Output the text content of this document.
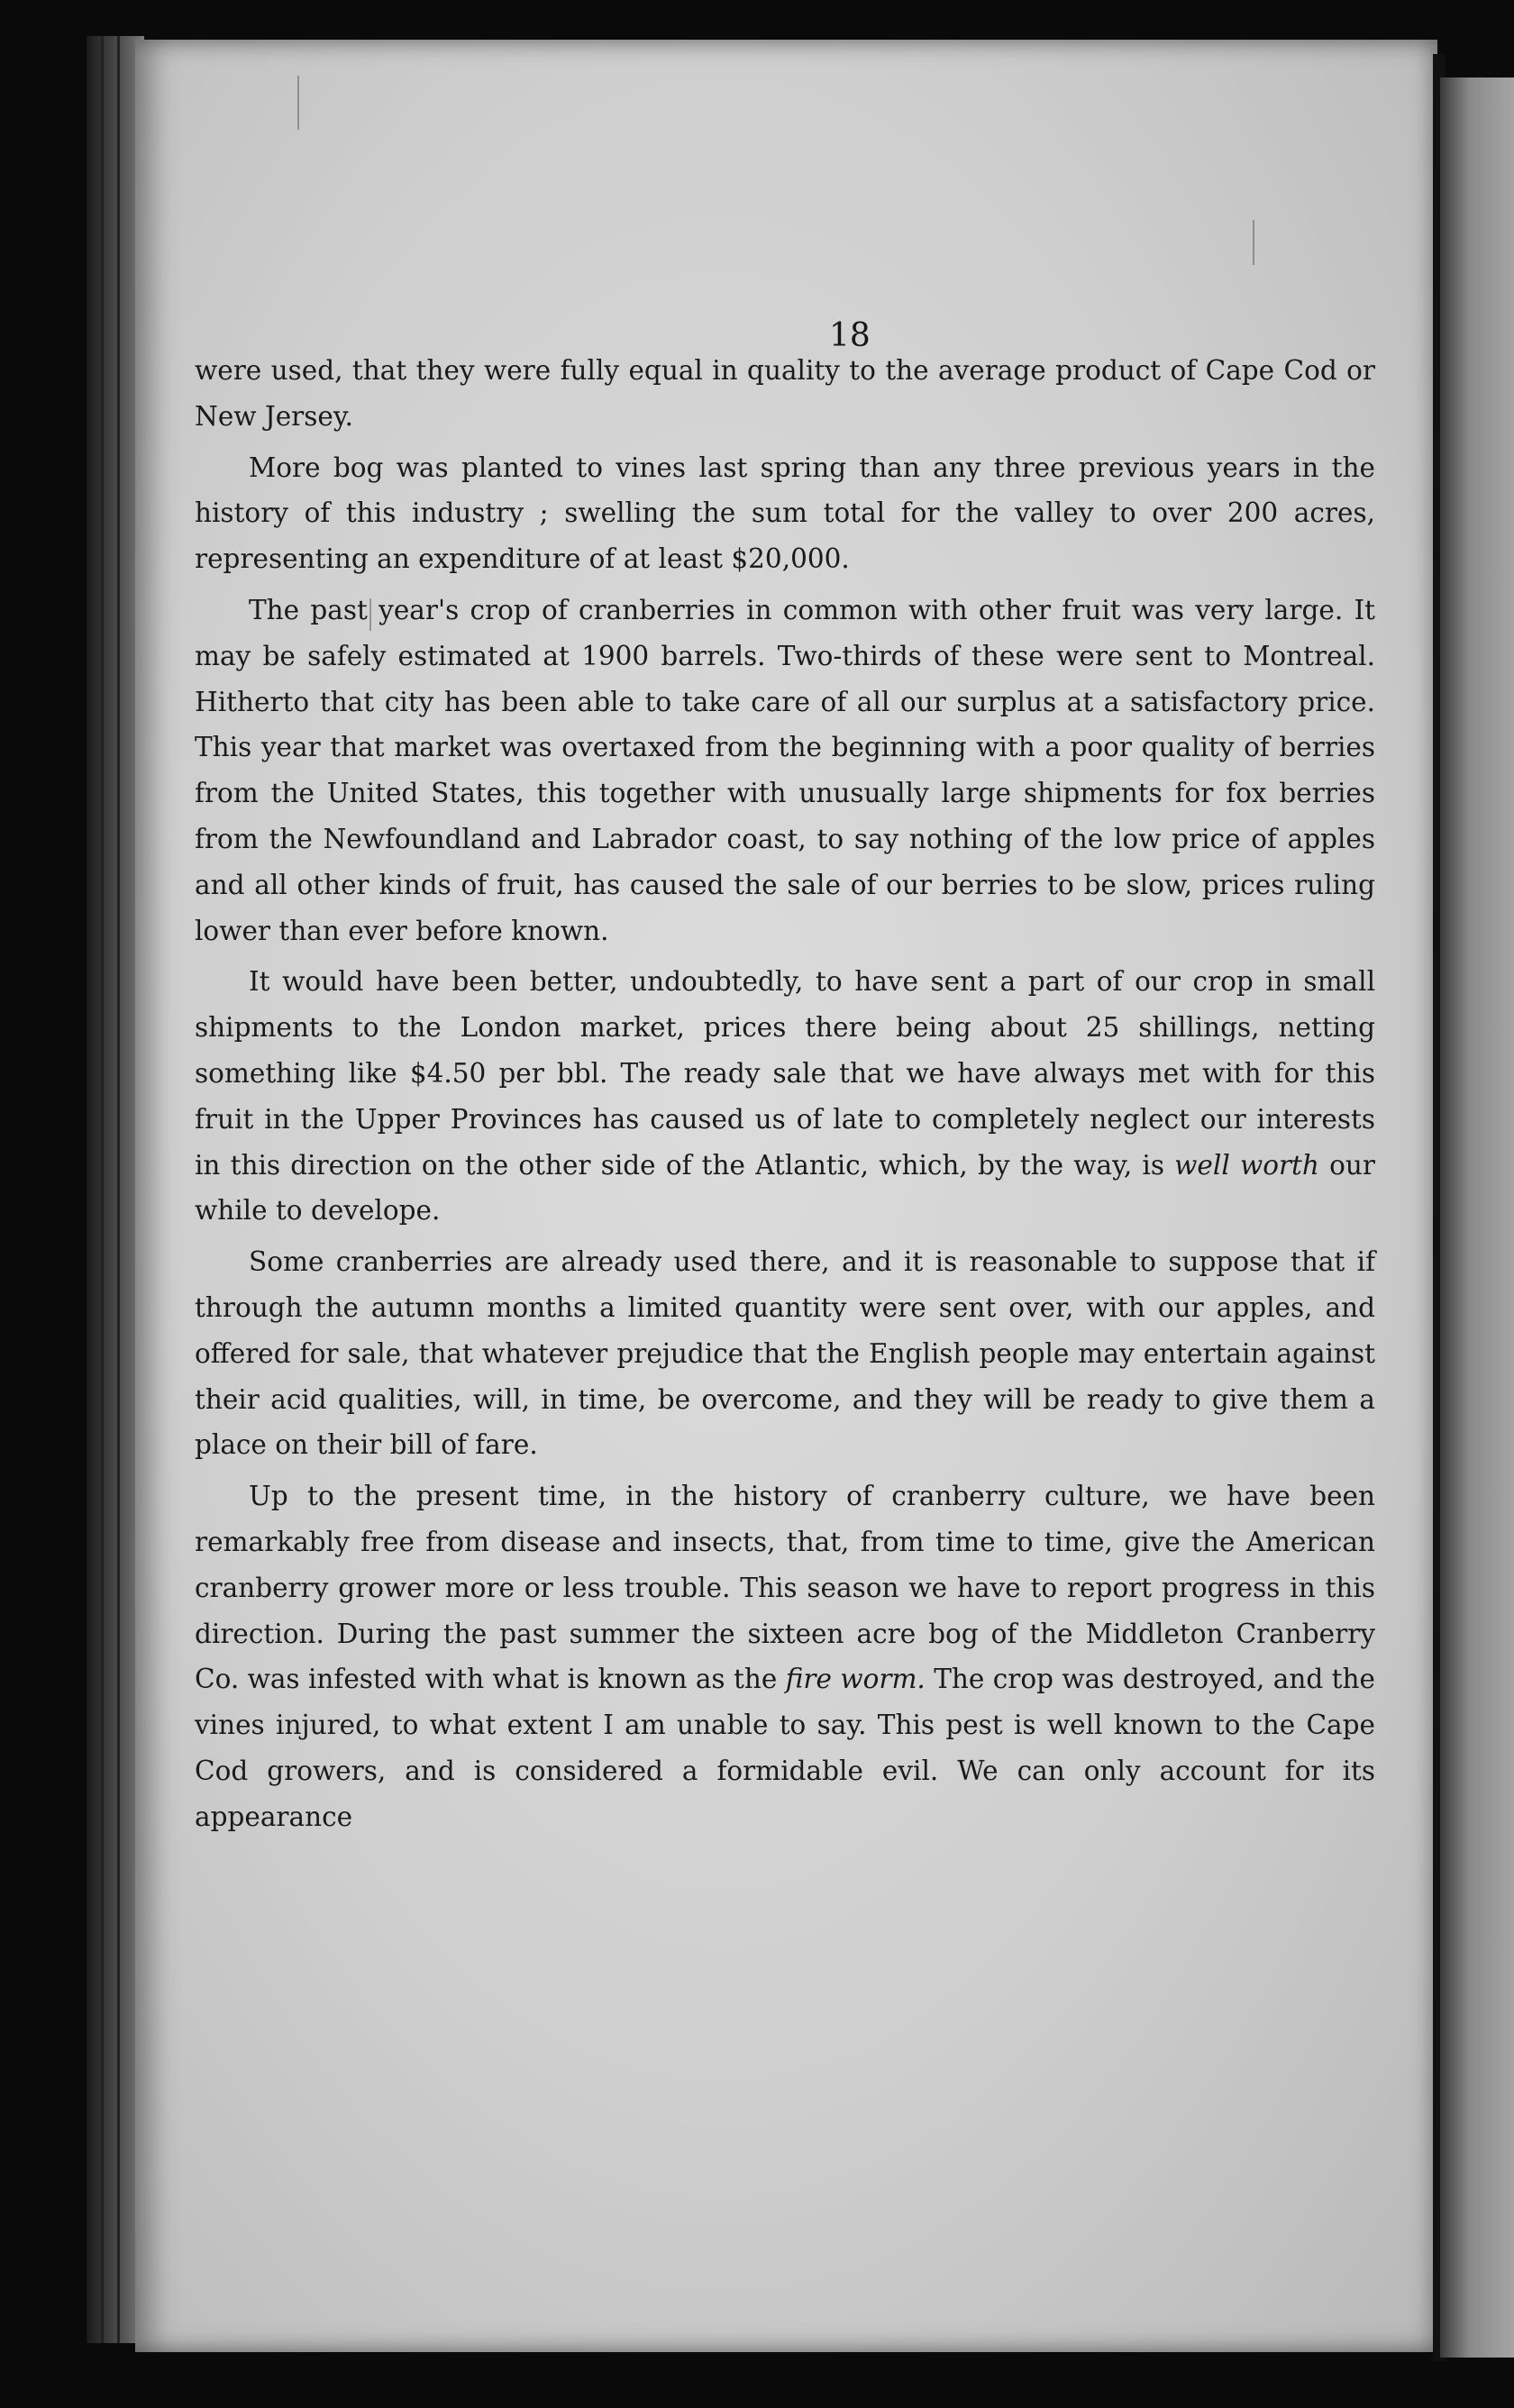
18

were used, that they were fully equal in quality to the average product of Cape Cod or New Jersey.

More bog was planted to vines last spring than any three previous years in the history of this industry ; swelling the sum total for the valley to over 200 acres, representing an expenditure of at least $20,000.

The past year's crop of cranberries in common with other fruit was very large. It may be safely estimated at 1900 barrels. Two-thirds of these were sent to Montreal. Hitherto that city has been able to take care of all our surplus at a satisfactory price. This year that market was overtaxed from the beginning with a poor quality of berries from the United States, this together with unusually large shipments for fox berries from the Newfoundland and Labrador coast, to say nothing of the low price of apples and all other kinds of fruit, has caused the sale of our berries to be slow, prices ruling lower than ever before known.

It would have been better, undoubtedly, to have sent a part of our crop in small shipments to the London market, prices there being about 25 shillings, netting something like $4.50 per bbl. The ready sale that we have always met with for this fruit in the Upper Provinces has caused us of late to completely neglect our interests in this direction on the other side of the Atlantic, which, by the way, is well worth our while to develope.

Some cranberries are already used there, and it is reasonable to suppose that if through the autumn months a limited quantity were sent over, with our apples, and offered for sale, that whatever prejudice that the English people may entertain against their acid qualities, will, in time, be overcome, and they will be ready to give them a place on their bill of fare.

Up to the present time, in the history of cranberry culture, we have been remarkably free from disease and insects, that, from time to time, give the American cranberry grower more or less trouble. This season we have to report progress in this direction. During the past summer the sixteen acre bog of the Middleton Cranberry Co. was infested with what is known as the fire worm. The crop was destroyed, and the vines injured, to what extent I am unable to say. This pest is well known to the Cape Cod growers, and is considered a formidable evil. We can only account for its appearance
